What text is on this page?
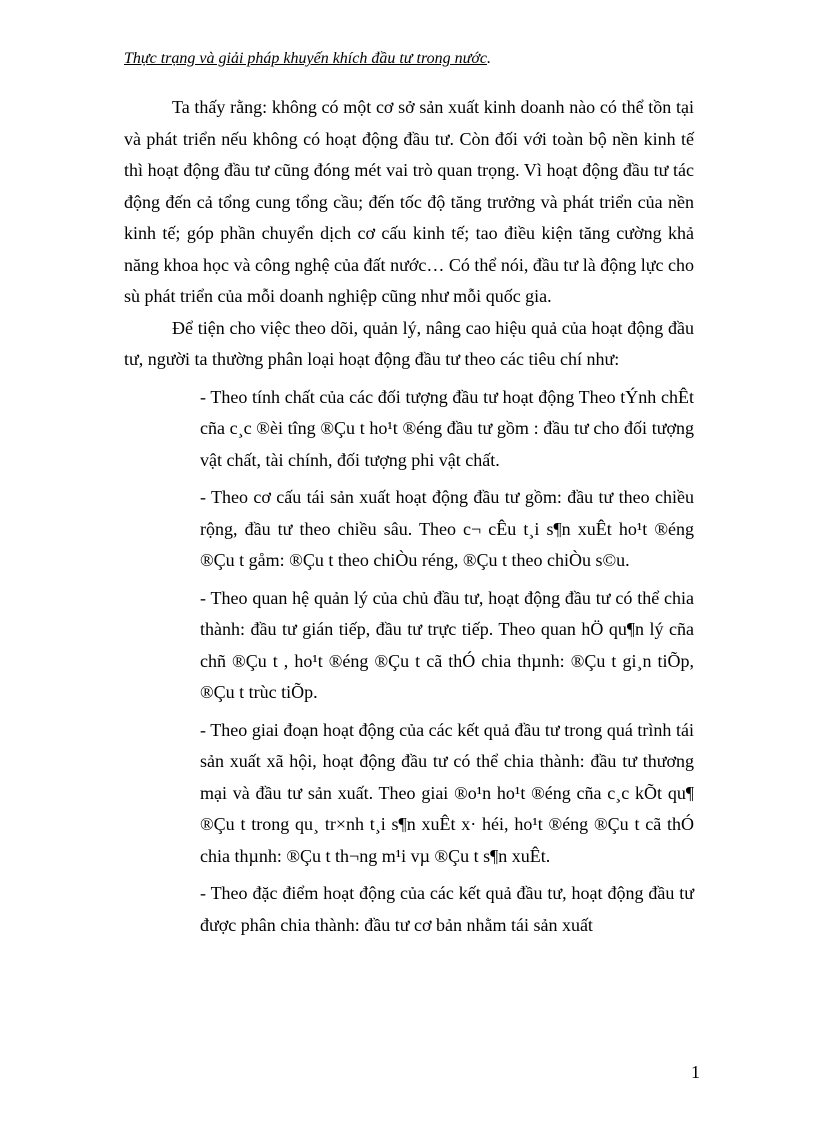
Thực trạng và giải pháp khuyến khích đầu tư trong nước.

Ta thấy rằng: không có một cơ sở sản xuất kinh doanh nào có thể tồn tại và phát triển nếu không có hoạt động đầu tư. Còn đối với toàn bộ nền kinh tế thì hoạt động đầu tư cũng đóng mét vai trò quan trọng. Vì hoạt động đầu tư tác động đến cả tổng cung tổng cầu; đến tốc độ tăng trưởng và phát triển của nền kinh tế; góp phần chuyển dịch cơ cấu kinh tế; tao điều kiện tăng cường khả năng khoa học và công nghệ của đất nước… Có thể nói, đầu tư là động lực cho sù phát triển của mỗi doanh nghiệp cũng như mỗi quốc gia.

Để tiện cho việc theo dõi, quản lý, nâng cao hiệu quả của hoạt động đầu tư, người ta thường phân loại hoạt động đầu tư theo các tiêu chí như:

- Theo tính chất của các đối tượng đầu tư hoạt động Theo tÝnh chÊt cña c¸c ®èi tîng ®Çu t ho¹t ®éng đầu tư gồm : đầu tư cho đối tượng vật chất, tài chính, đối tượng phi vật chất.

- Theo cơ cấu tái sản xuất hoạt động đầu tư gồm: đầu tư theo chiều rộng, đầu tư theo chiều sâu. Theo c¬ cÊu t¸i s¶n xuÊt ho¹t ®éng ®Çu t gåm: ®Çu t theo chiÒu réng, ®Çu t theo chiÒu s©u.

- Theo quan hệ quản lý của chủ đầu tư, hoạt động đầu tư có thể chia thành: đầu tư gián tiếp, đầu tư trực tiếp. Theo quan hÖ qu¶n lý cña chñ ®Çu t , ho¹t ®éng ®Çu t cã thÓ chia thµnh: ®Çu t gi¸n tiÕp, ®Çu t trùc tiÕp.

- Theo giai đoạn hoạt động của các kết quả đầu tư trong quá trình tái sản xuất xã hội, hoạt động đầu tư có thể chia thành: đầu tư thương mại và đầu tư sản xuất. Theo giai ®o¹n ho¹t ®éng cña c¸c kÕt qu¶ ®Çu t trong qu¸ tr×nh t¸i s¶n xuÊt x· héi, ho¹t ®éng ®Çu t cã thÓ chia thµnh: ®Çu t th¬ng m¹i vµ ®Çu t s¶n xuÊt.

- Theo đặc điểm hoạt động của các kết quả đầu tư, hoạt động đầu tư được phân chia thành: đầu tư cơ bản nhằm tái sản xuất

1
